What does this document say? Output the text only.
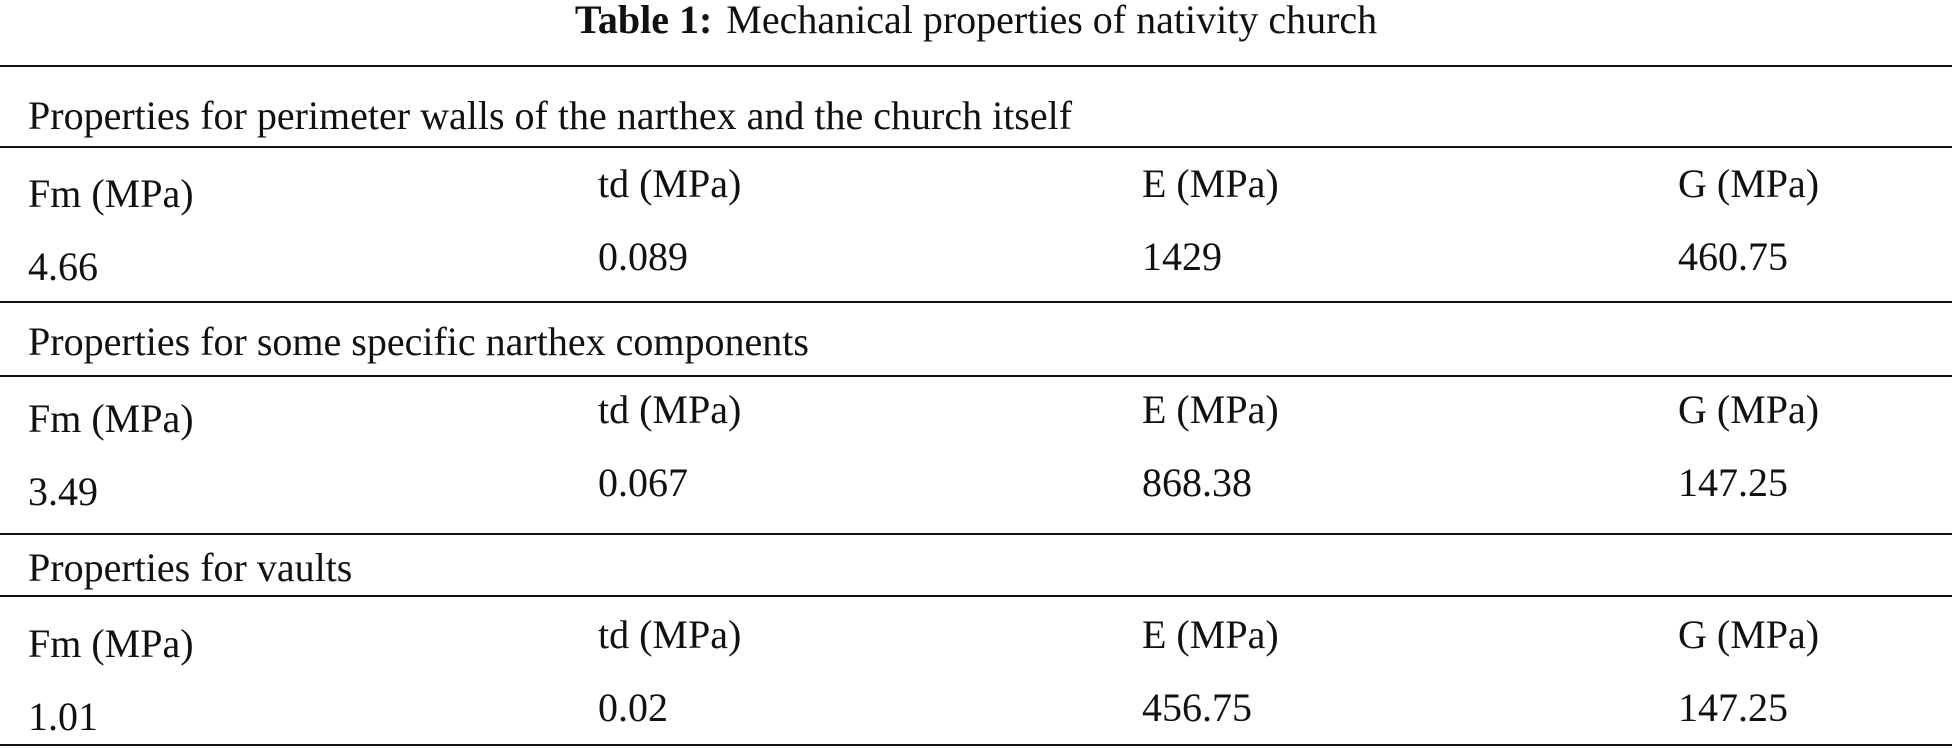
Table 1: Mechanical properties of nativity church
Properties for perimeter walls of the narthex and the church itself
Fm (MPa)	td (MPa)	E (MPa)	G (MPa)
4.66	0.089	1429	460.75
Properties for some specific narthex components
Fm (MPa)	td (MPa)	E (MPa)	G (MPa)
3.49	0.067	868.38	147.25
Properties for vaults
Fm (MPa)	td (MPa)	E (MPa)	G (MPa)
1.01	0.02	456.75	147.25
